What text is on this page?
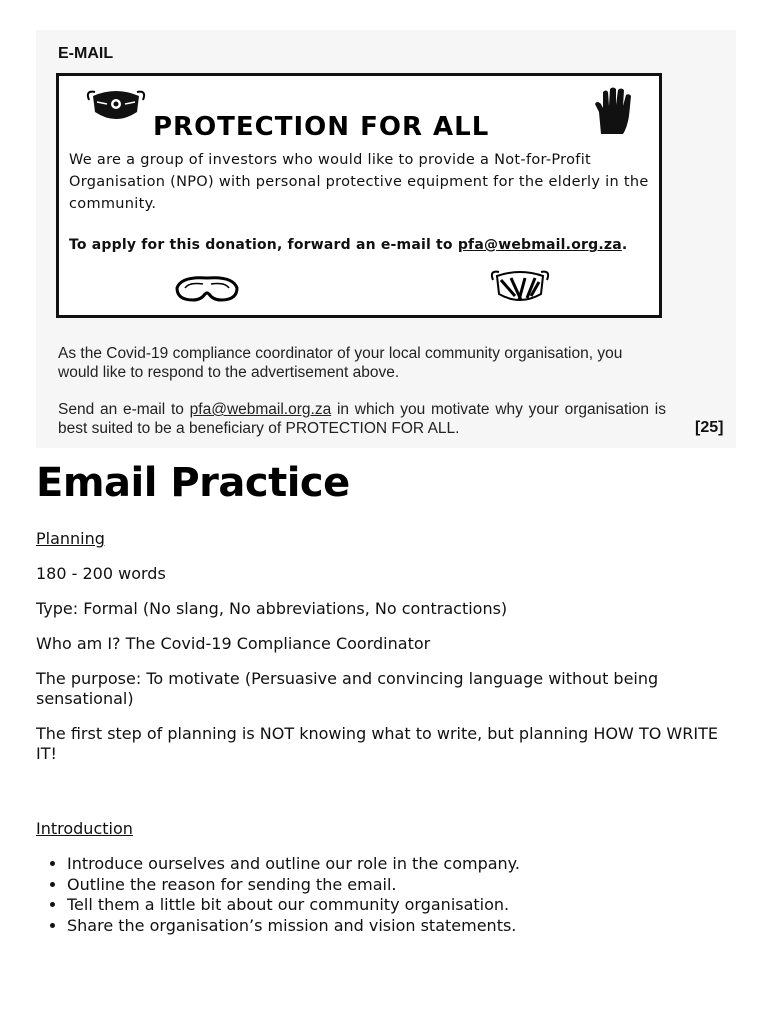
E-MAIL
PROTECTION FOR ALL
We are a group of investors who would like to provide a Not-for-Profit Organisation (NPO) with personal protective equipment for the elderly in the community.
To apply for this donation, forward an e-mail to pfa@webmail.org.za.
As the Covid-19 compliance coordinator of your local community organisation, you would like to respond to the advertisement above.
Send an e-mail to pfa@webmail.org.za in which you motivate why your organisation is best suited to be a beneficiary of PROTECTION FOR ALL.	[25]
Email Practice

Planning

180 - 200 words

Type: Formal (No slang, No abbreviations, No contractions)

Who am I? The Covid-19 Compliance Coordinator

The purpose: To motivate (Persuasive and convincing language without being sensational)

The first step of planning is NOT knowing what to write, but planning HOW TO WRITE IT!

Introduction

• Introduce ourselves and outline our role in the company.
• Outline the reason for sending the email.
• Tell them a little bit about our community organisation.
• Share the organisation’s mission and vision statements.
